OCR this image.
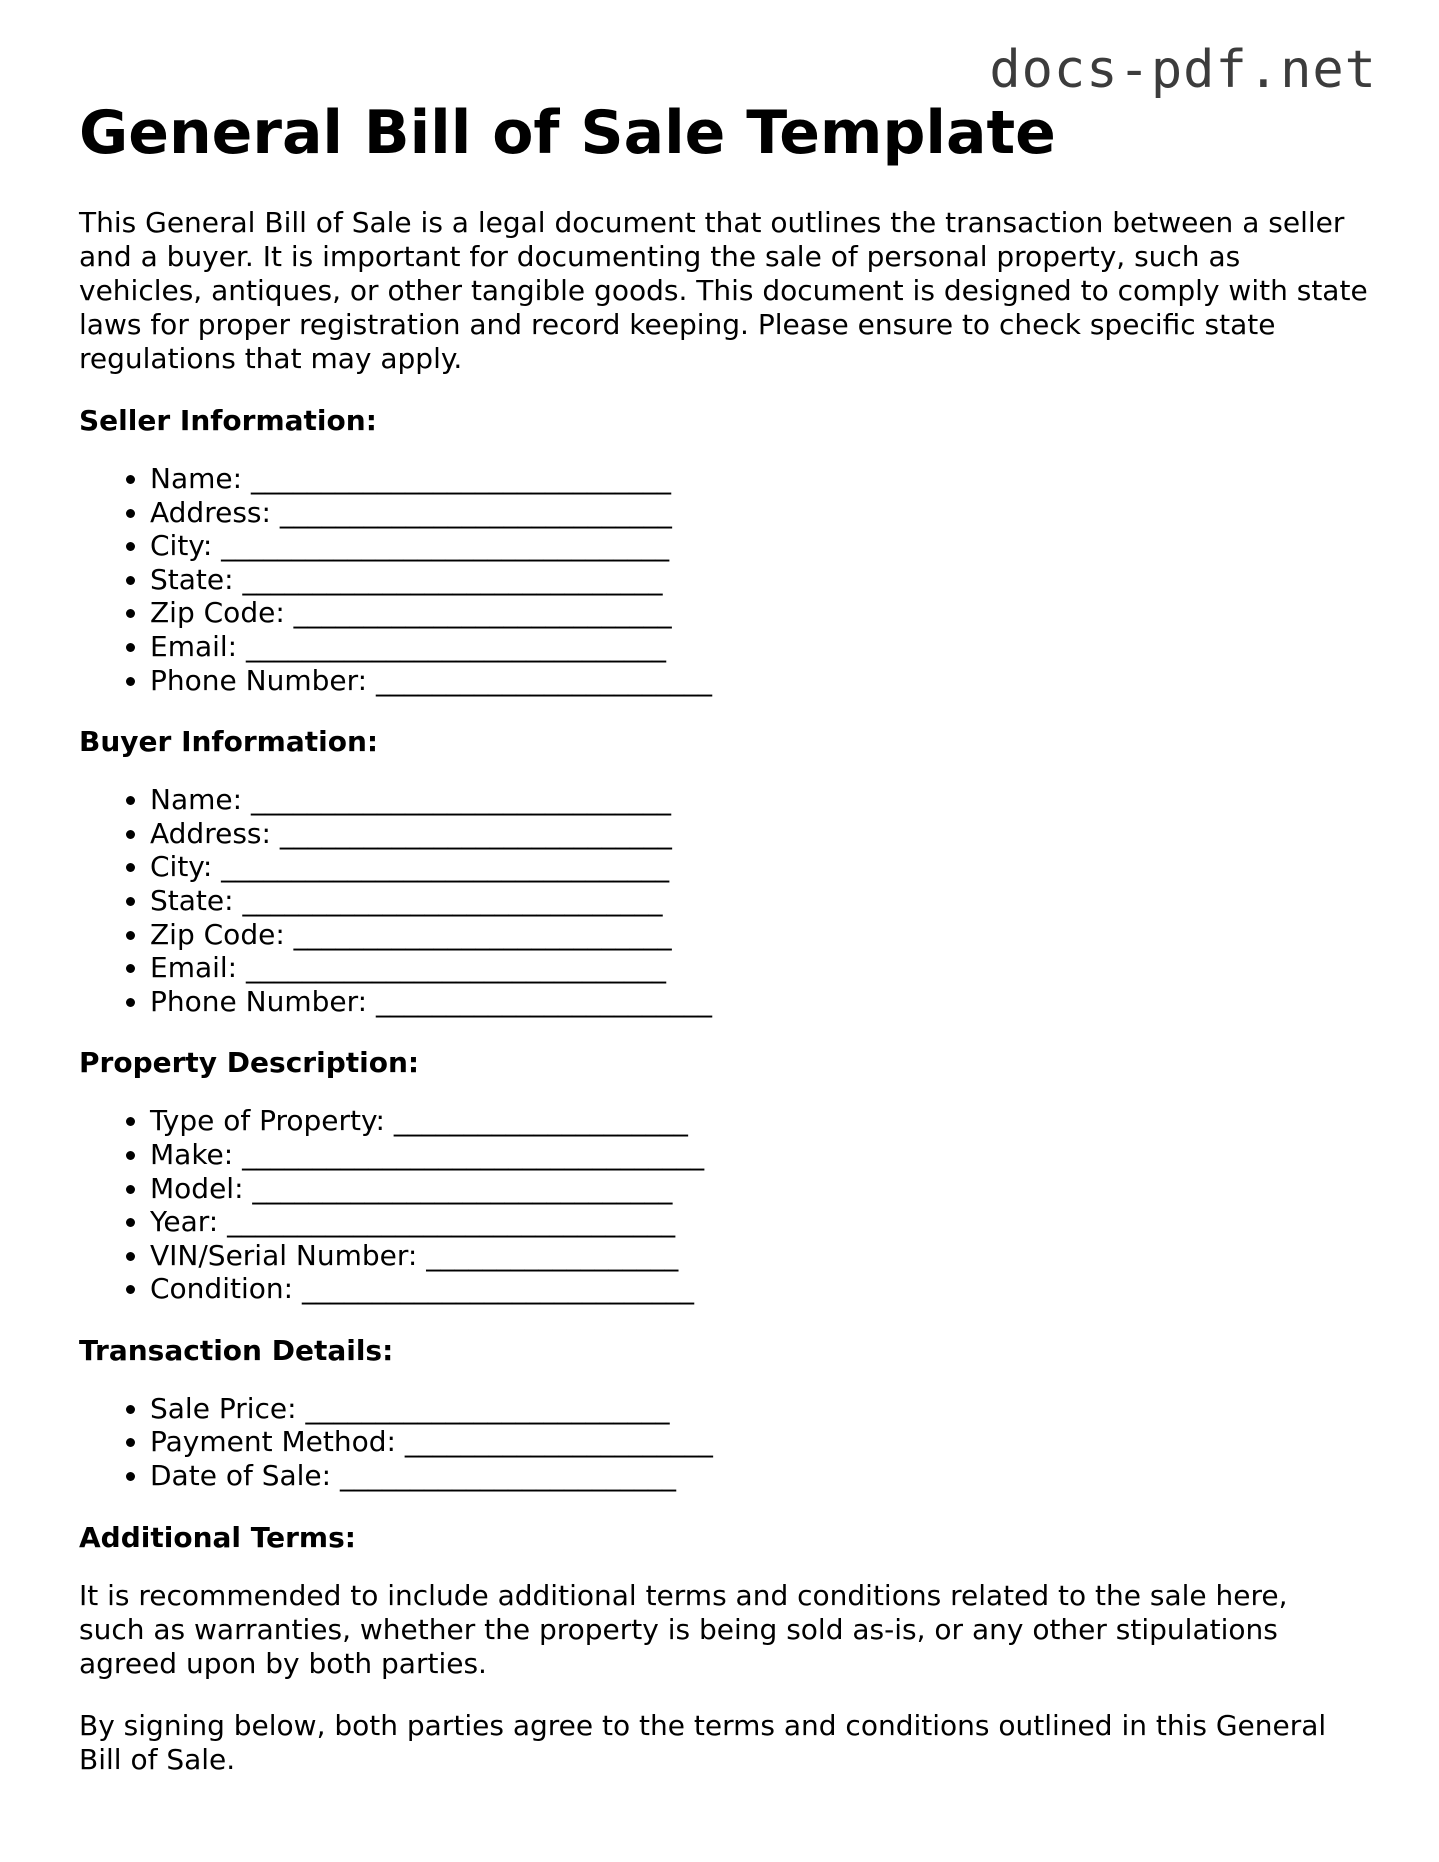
docs-pdf.net
General Bill of Sale Template

This General Bill of Sale is a legal document that outlines the transaction between a seller and a buyer. It is important for documenting the sale of personal property, such as vehicles, antiques, or other tangible goods. This document is designed to comply with state laws for proper registration and record keeping. Please ensure to check specific state regulations that may apply.

Seller Information:
• Name: ______________________________
• Address: ____________________________
• City: ________________________________
• State: ______________________________
• Zip Code: ___________________________
• Email: ______________________________
• Phone Number: ________________________
Buyer Information:
• Name: ______________________________
• Address: ____________________________
• City: ________________________________
• State: ______________________________
• Zip Code: ___________________________
• Email: ______________________________
• Phone Number: ________________________
Property Description:
• Type of Property: _____________________
• Make: _________________________________
• Model: ______________________________
• Year: ________________________________
• VIN/Serial Number: __________________
• Condition: ____________________________
Transaction Details:
• Sale Price: __________________________
• Payment Method: ______________________
• Date of Sale: ________________________
Additional Terms:

It is recommended to include additional terms and conditions related to the sale here, such as warranties, whether the property is being sold as-is, or any other stipulations agreed upon by both parties.

By signing below, both parties agree to the terms and conditions outlined in this General Bill of Sale.
